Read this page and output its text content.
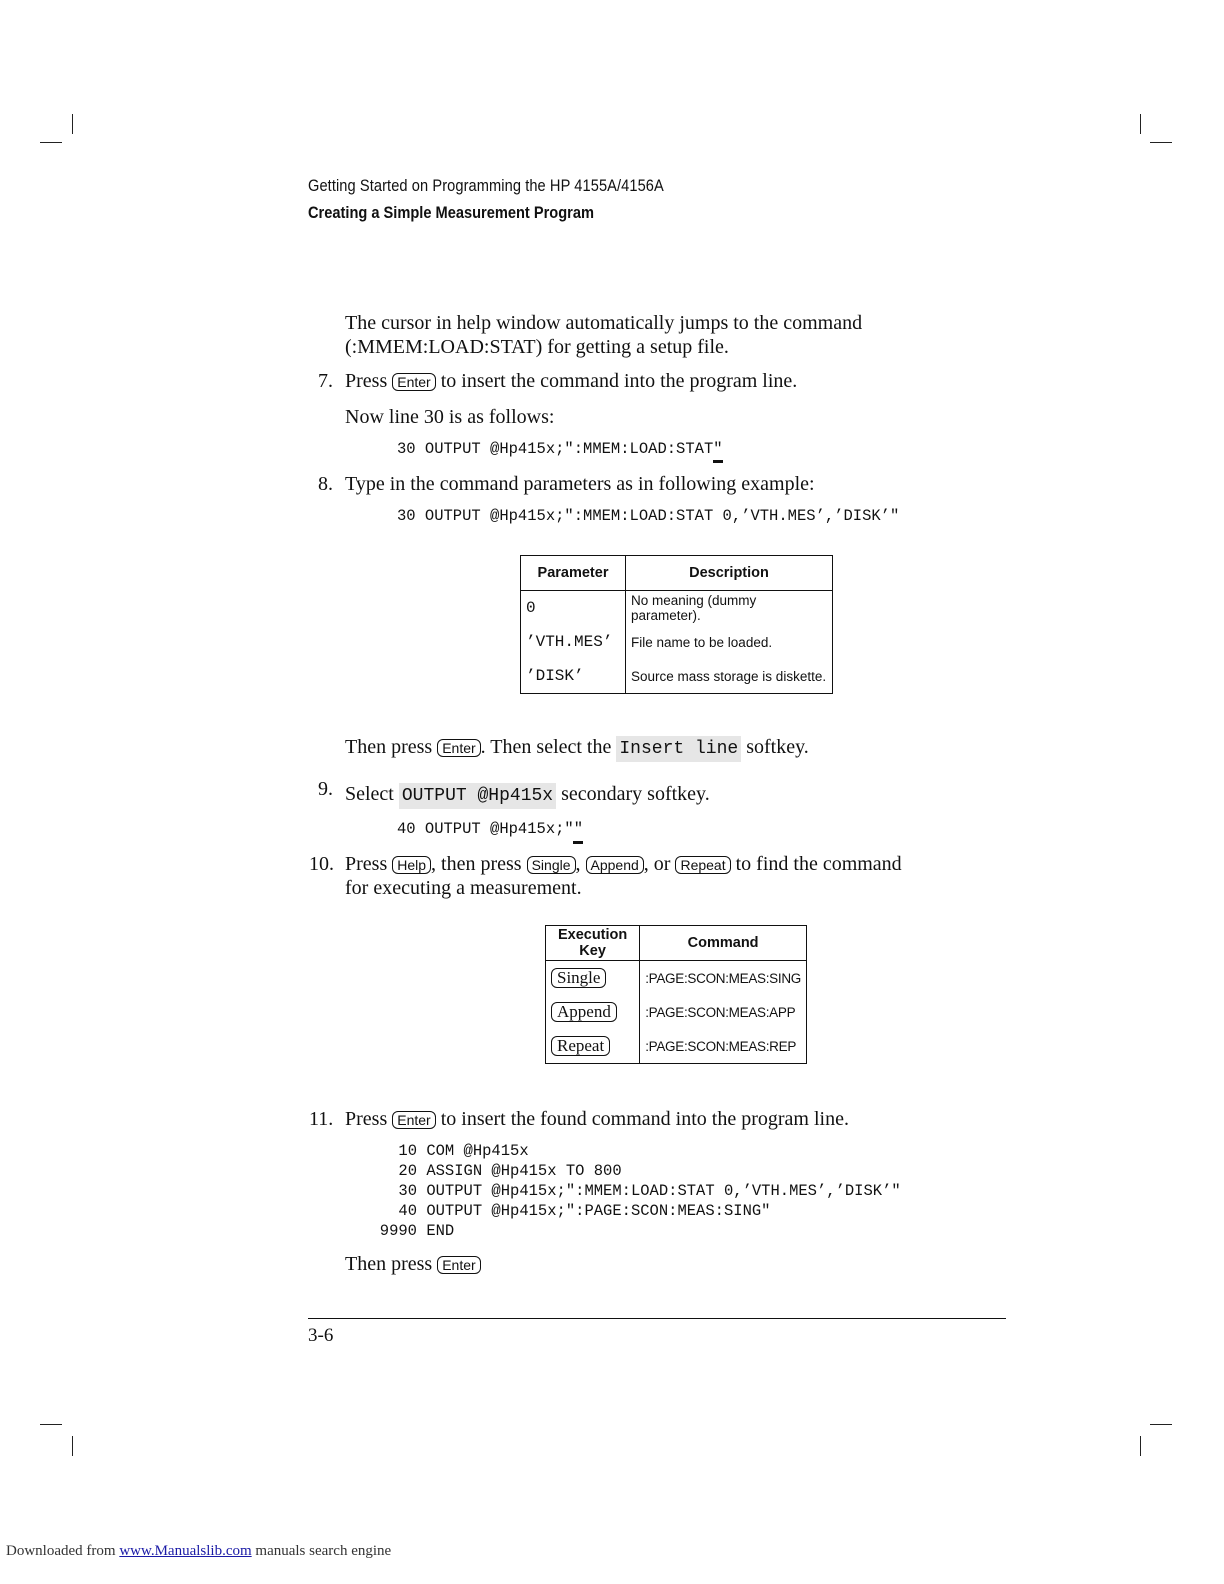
Getting Started on Programming the HP 4155A/4156A
Creating a Simple Measurement Program
The cursor in help window automatically jumps to the command
(:MMEM:LOAD:STAT) for getting a setup file.
7. Press Enter to insert the command into the program line.
Now line 30 is as follows:
30 OUTPUT @Hp415x;":MMEM:LOAD:STAT"
8. Type in the command parameters as in following example:
30 OUTPUT @Hp415x;":MMEM:LOAD:STAT 0,’VTH.MES’,’DISK’"
Parameter	Description
0	No meaning (dummy parameter).
’VTH.MES’	File name to be loaded.
’DISK’	Source mass storage is diskette.
Then press Enter . Then select the Insert line softkey.
9. Select OUTPUT @Hp415x secondary softkey.
40 OUTPUT @Hp415x;""
10. Press Help , then press Single , Append , or Repeat to find the command
for executing a measurement.
Execution Key	Command
Single	:PAGE:SCON:MEAS:SING
Append	:PAGE:SCON:MEAS:APP
Repeat	:PAGE:SCON:MEAS:REP
11. Press Enter to insert the found command into the program line.
10 COM @Hp415x
20 ASSIGN @Hp415x TO 800
30 OUTPUT @Hp415x;":MMEM:LOAD:STAT 0,’VTH.MES’,’DISK’"
40 OUTPUT @Hp415x;":PAGE:SCON:MEAS:SING"
9990 END
Then press Enter
3-6
Downloaded from www.Manualslib.com manuals search engine
